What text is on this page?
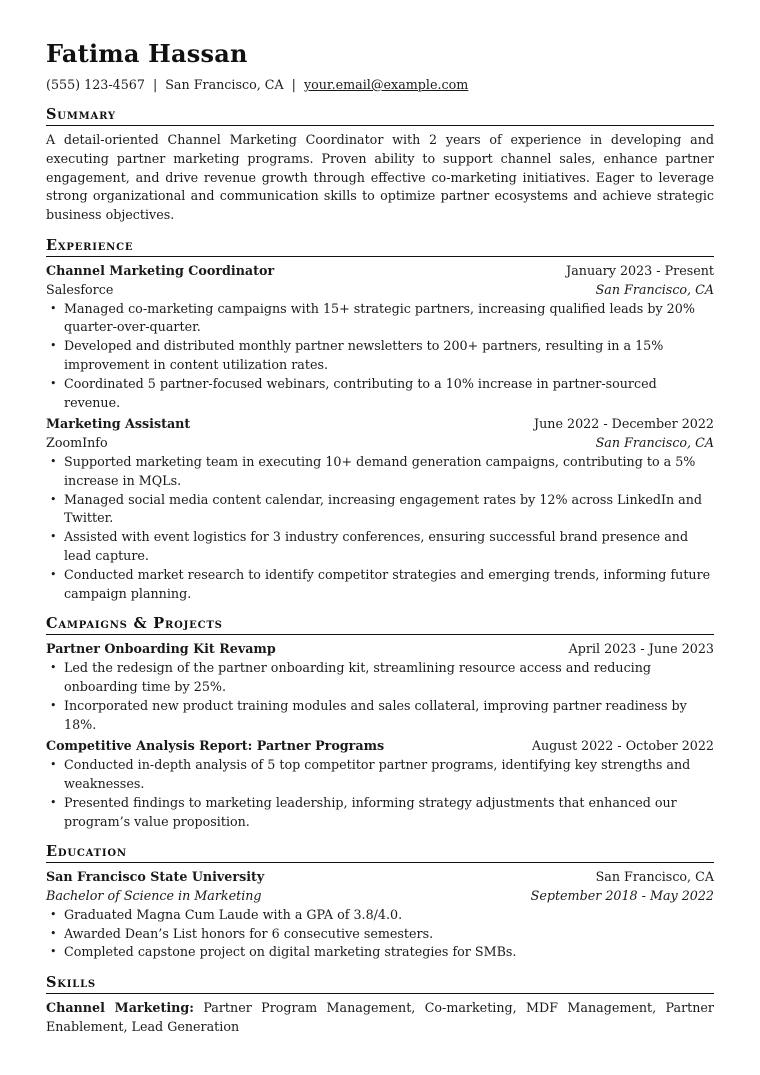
Fatima Hassan
(555) 123-4567 | San Francisco, CA | your.email@example.com
Summary
A detail-oriented Channel Marketing Coordinator with 2 years of experience in developing and executing partner marketing programs. Proven ability to support channel sales, enhance partner engagement, and drive revenue growth through effective co-marketing initiatives. Eager to leverage strong organizational and communication skills to optimize partner ecosystems and achieve strategic business objectives.
Experience
Channel Marketing Coordinator	January 2023 - Present
Salesforce	San Francisco, CA
• Managed co-marketing campaigns with 15+ strategic partners, increasing qualified leads by 20% quarter-over-quarter.
• Developed and distributed monthly partner newsletters to 200+ partners, resulting in a 15% improvement in content utilization rates.
• Coordinated 5 partner-focused webinars, contributing to a 10% increase in partner-sourced revenue.
Marketing Assistant	June 2022 - December 2022
ZoomInfo	San Francisco, CA
• Supported marketing team in executing 10+ demand generation campaigns, contributing to a 5% increase in MQLs.
• Managed social media content calendar, increasing engagement rates by 12% across LinkedIn and Twitter.
• Assisted with event logistics for 3 industry conferences, ensuring successful brand presence and lead capture.
• Conducted market research to identify competitor strategies and emerging trends, informing future campaign planning.
Campaigns & Projects
Partner Onboarding Kit Revamp	April 2023 - June 2023
• Led the redesign of the partner onboarding kit, streamlining resource access and reducing onboarding time by 25%.
• Incorporated new product training modules and sales collateral, improving partner readiness by 18%.
Competitive Analysis Report: Partner Programs	August 2022 - October 2022
• Conducted in-depth analysis of 5 top competitor partner programs, identifying key strengths and weaknesses.
• Presented findings to marketing leadership, informing strategy adjustments that enhanced our program’s value proposition.
Education
San Francisco State University	San Francisco, CA
Bachelor of Science in Marketing	September 2018 - May 2022
• Graduated Magna Cum Laude with a GPA of 3.8/4.0.
• Awarded Dean’s List honors for 6 consecutive semesters.
• Completed capstone project on digital marketing strategies for SMBs.
Skills
Channel Marketing: Partner Program Management, Co-marketing, MDF Management, Partner Enablement, Lead Generation
